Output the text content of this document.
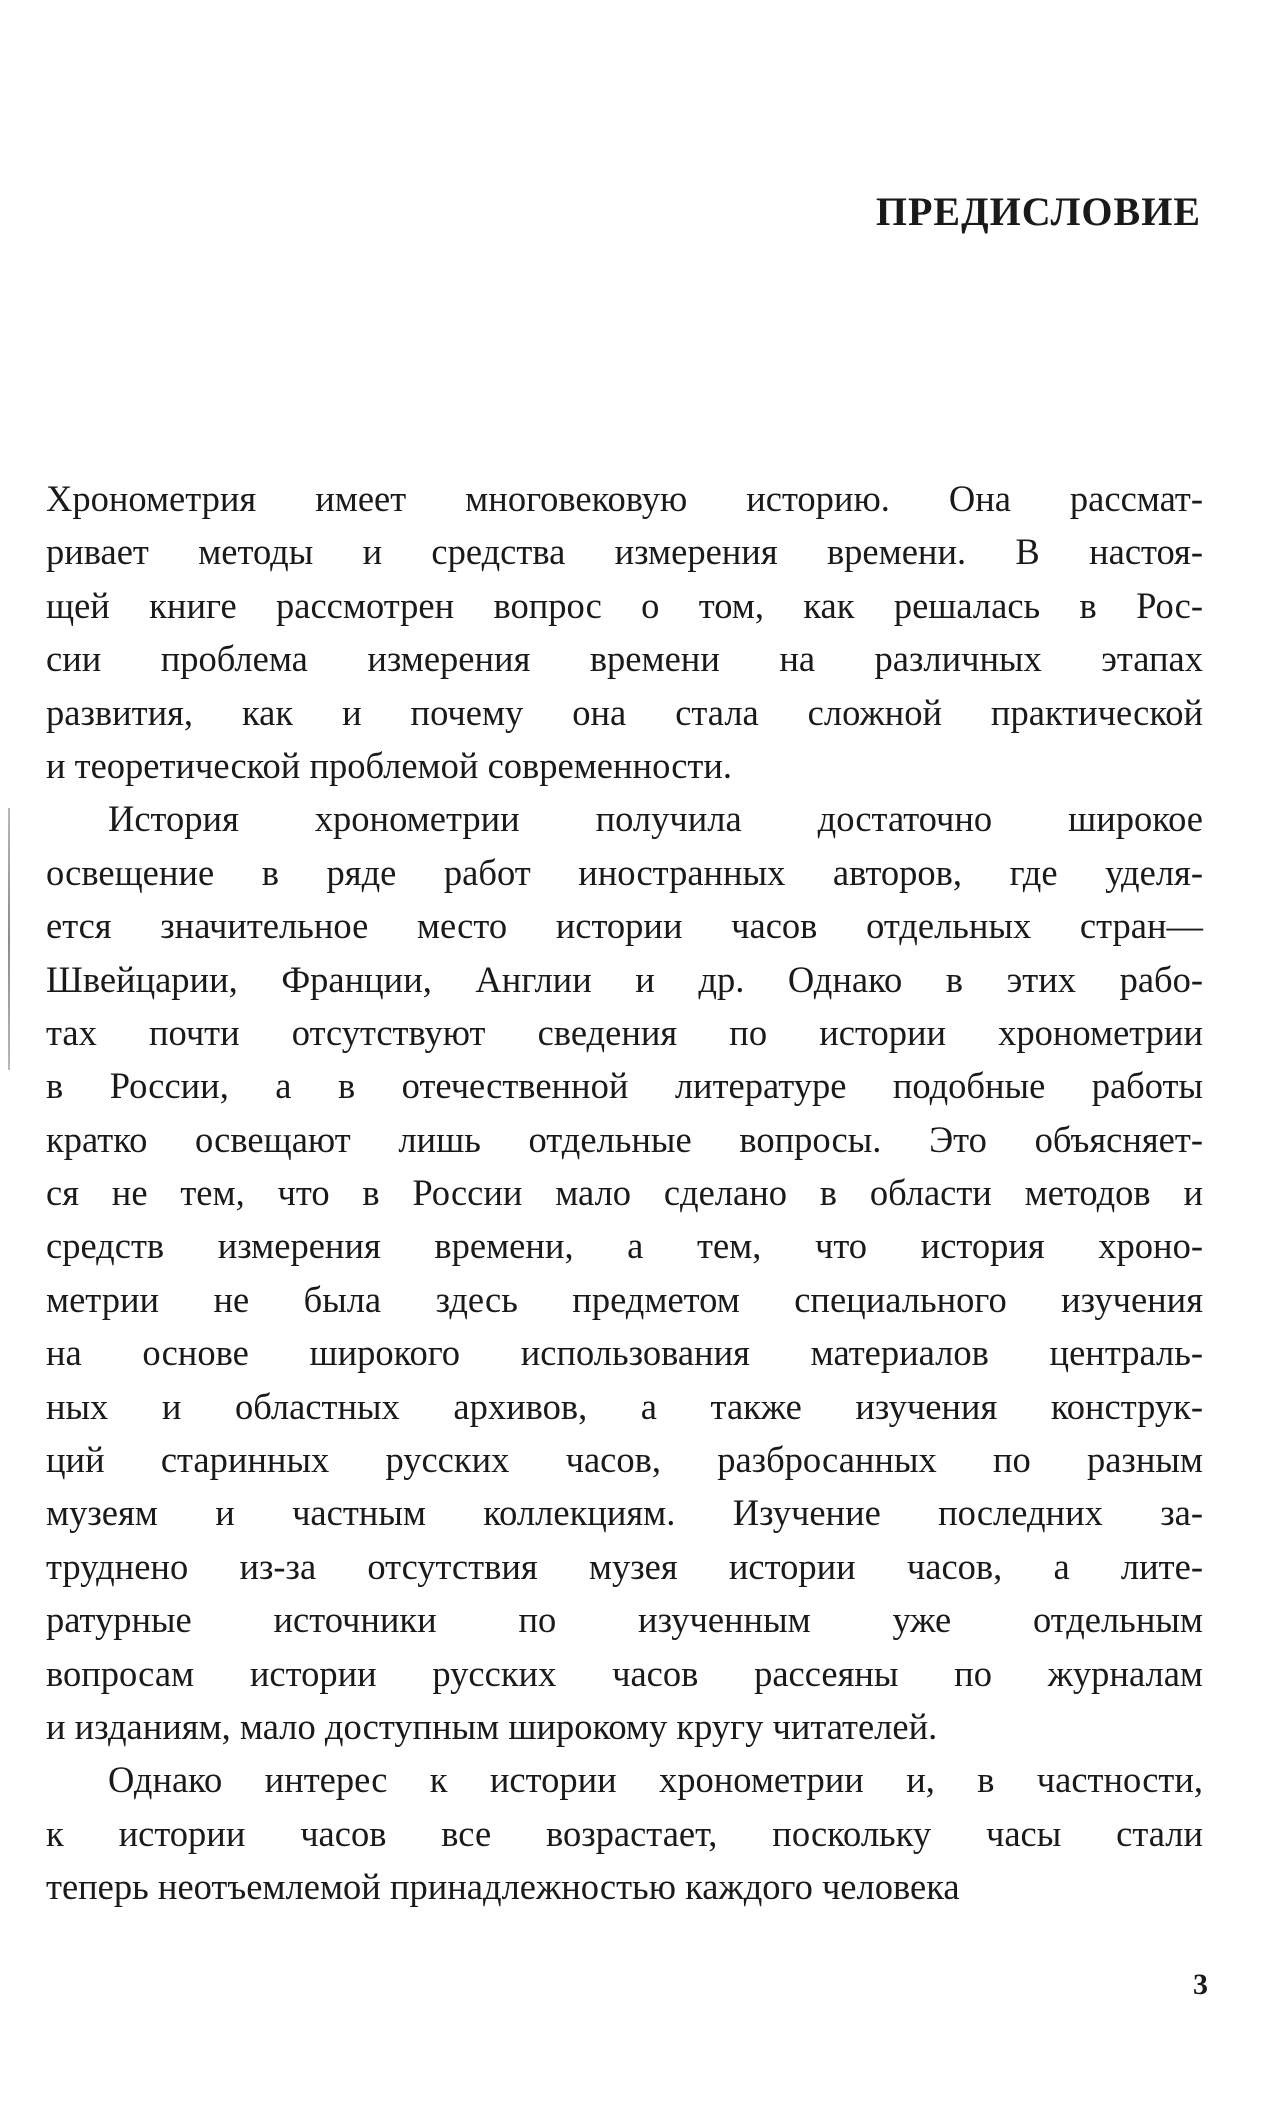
ПРЕДИСЛОВИЕ
Хронометрия имеет многовековую историю. Она рассмат-
ривает методы и средства измерения времени. В настоя-
щей книге рассмотрен вопрос о том, как решалась в Рос-
сии проблема измерения времени на различных этапах
развития, как и почему она стала сложной практической
и теоретической проблемой современности.
История хронометрии получила достаточно широкое
освещение в ряде работ иностранных авторов, где уделя-
ется значительное место истории часов отдельных стран—
Швейцарии, Франции, Англии и др. Однако в этих рабо-
тах почти отсутствуют сведения по истории хронометрии
в России, а в отечественной литературе подобные работы
кратко освещают лишь отдельные вопросы. Это объясняет-
ся не тем, что в России мало сделано в области методов и
средств измерения времени, а тем, что история хроно-
метрии не была здесь предметом специального изучения
на основе широкого использования материалов централь-
ных и областных архивов, а также изучения конструк-
ций старинных русских часов, разбросанных по разным
музеям и частным коллекциям. Изучение последних за-
труднено из-за отсутствия музея истории часов, а лите-
ратурные источники по изученным уже отдельным
вопросам истории русских часов рассеяны по журналам
и изданиям, мало доступным широкому кругу читателей.
Однако интерес к истории хронометрии и, в частности,
к истории часов все возрастает, поскольку часы стали
теперь неотъемлемой принадлежностью каждого человека
3
